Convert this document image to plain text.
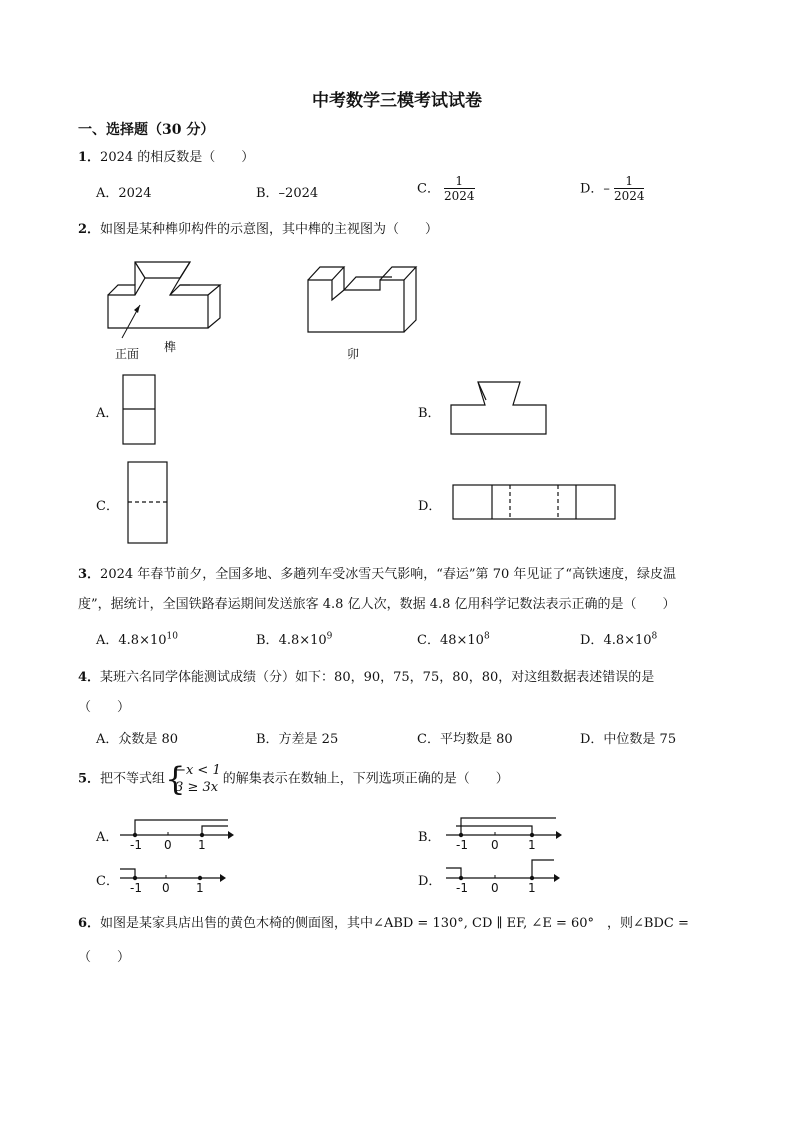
中考数学三模考试试卷
一、选择题（30 分）
1．2024 的相反数是（　　）
A．2024	B．–2024	C． $\frac{1}{2024}$	D．– $\frac{1}{2024}$
2．如图是某种榫卯构件的示意图，其中榫的主视图为（　　）
正面 榫	卯
A．	B．
C．	D．
3．2024 年春节前夕，全国多地、多趟列车受冰雪天气影响，“春运”第 70 年见证了“高铁速度，绿皮温
度”，据统计，全国铁路春运期间发送旅客 4.8 亿人次，数据 4.8 亿用科学记数法表示正确的是（　　）
A．$4.8\times 10^{10}$	B．$4.8\times 10^9$	C．$48\times 10^8$	D．$4.8\times 10^8$
4．某班六名同学体能测试成绩（分）如下：80，90，75，75，80，80，对这组数据表述错误的是
（　　）
A．众数是 80	B．方差是 25	C．平均数是 80	D．中位数是 75
5．把不等式组
{ −x < 1
3 ≥ 3x
的解集表示在数轴上，下列选项正确的是（　　）
A． -1 0 1	B． -1 0 1
C． -1 0 1	D． -1 0 1
6．如图是某家具店出售的黄色木椅的侧面图，其中∠ABD = 130°, CD ∥ EF, ∠E = 60°　，则∠BDC =
（　　）
